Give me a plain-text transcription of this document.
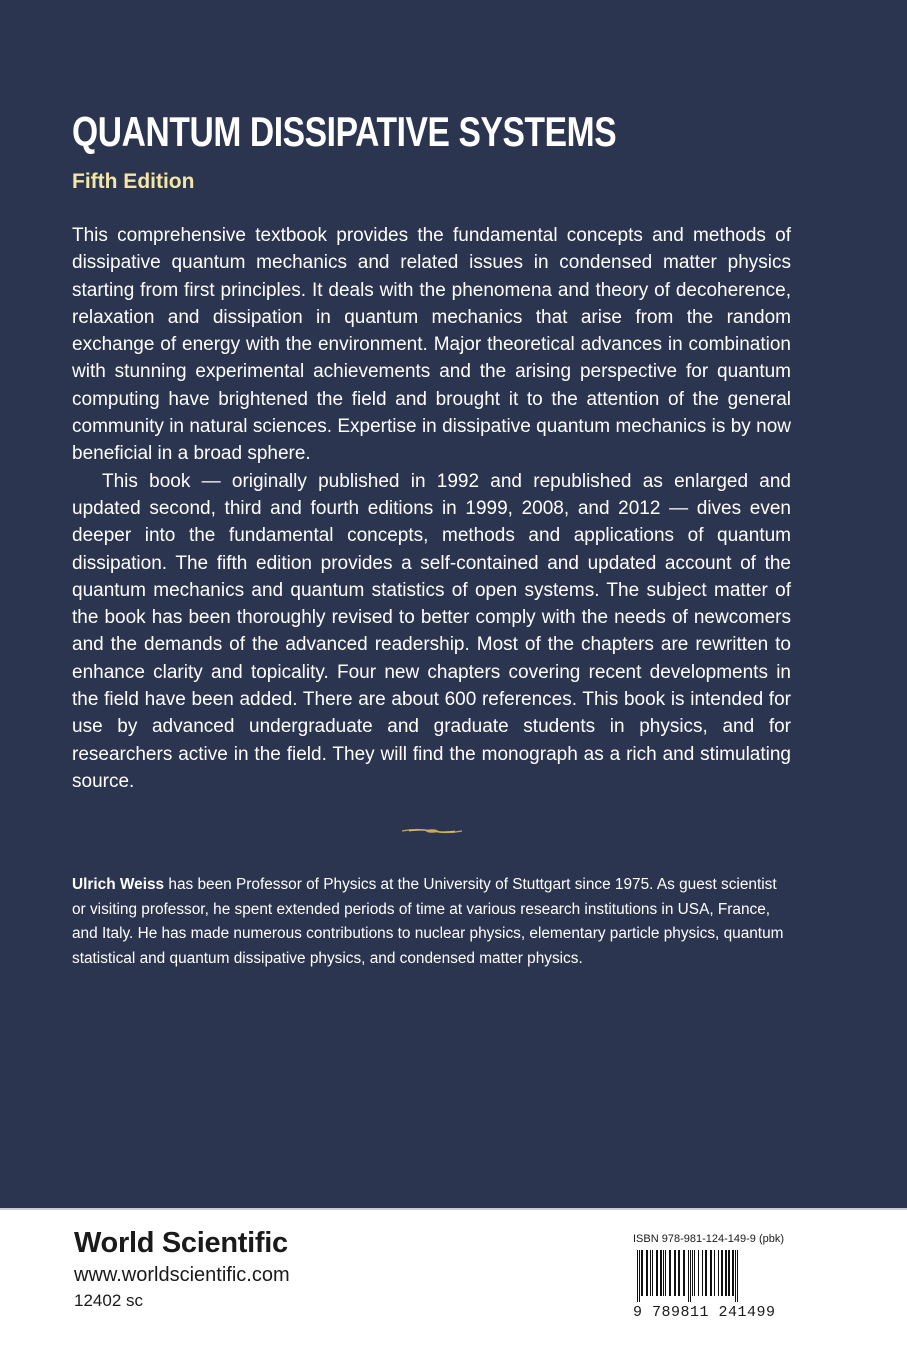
QUANTUM DISSIPATIVE SYSTEMS
Fifth Edition

This comprehensive textbook provides the fundamental concepts and methods of dissipative quantum mechanics and related issues in condensed matter physics starting from first principles. It deals with the phenomena and theory of decoherence, relaxation and dissipation in quantum mechanics that arise from the random exchange of energy with the environment. Major theoretical advances in combination with stunning experimental achievements and the arising perspective for quantum computing have brightened the field and brought it to the attention of the general community in natural sciences. Expertise in dissipative quantum mechanics is by now beneficial in a broad sphere.

This book — originally published in 1992 and republished as enlarged and updated second, third and fourth editions in 1999, 2008, and 2012 — dives even deeper into the fundamental concepts, methods and applications of quantum dissipation. The fifth edition provides a self-contained and updated account of the quantum mechanics and quantum statistics of open systems. The subject matter of the book has been thoroughly revised to better comply with the needs of newcomers and the demands of the advanced readership. Most of the chapters are rewritten to enhance clarity and topicality. Four new chapters covering recent developments in the field have been added. There are about 600 references. This book is intended for use by advanced undergraduate and graduate students in physics, and for researchers active in the field. They will find the monograph as a rich and stimulating source.

Ulrich Weiss has been Professor of Physics at the University of Stuttgart since 1975. As guest scientist or visiting professor, he spent extended periods of time at various research institutions in USA, France, and Italy. He has made numerous contributions to nuclear physics, elementary particle physics, quantum statistical and quantum dissipative physics, and condensed matter physics.
World Scientific
www.worldscientific.com
12402 sc
ISBN 978-981-124-149-9 (pbk)
9 789811 241499
